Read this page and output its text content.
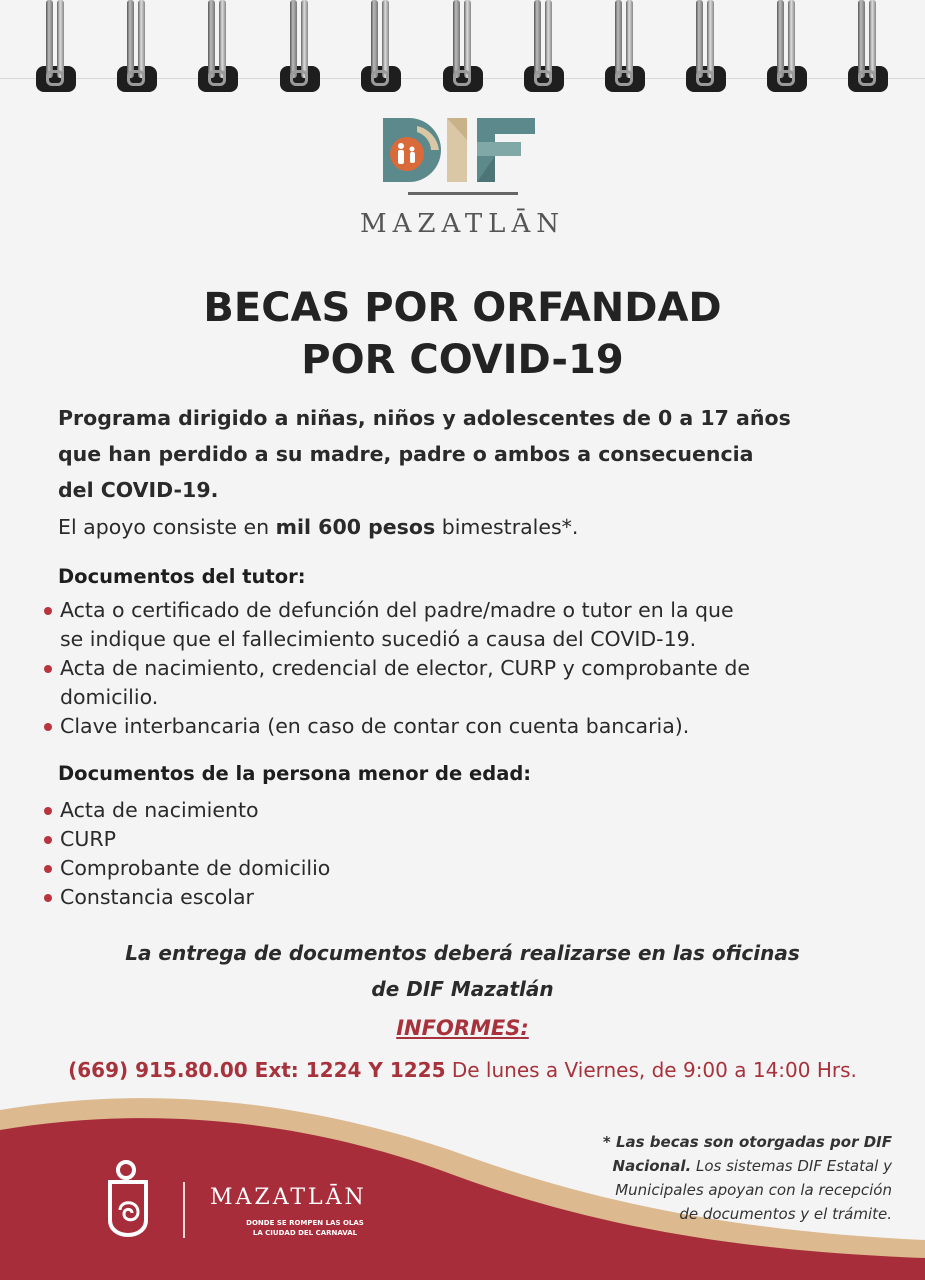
MAZATLĀN
BECAS POR ORFANDAD
POR COVID-19
Programa dirigido a niñas, niños y adolescentes de 0 a 17 años
que han perdido a su madre, padre o ambos a consecuencia
del COVID-19.
El apoyo consiste en mil 600 pesos bimestrales*.
Documentos del tutor:
Acta o certificado de defunción del padre/madre o tutor en la que
se indique que el fallecimiento sucedió a causa del COVID-19.
Acta de nacimiento, credencial de elector, CURP y comprobante de
domicilio.
Clave interbancaria (en caso de contar con cuenta bancaria).
Documentos de la persona menor de edad:
Acta de nacimiento
CURP
Comprobante de domicilio
Constancia escolar
La entrega de documentos deberá realizarse en las oficinas
de DIF Mazatlán
INFORMES:
(669) 915.80.00 Ext: 1224 Y 1225 De lunes a Viernes, de 9:00 a 14:00 Hrs.
MAZATLĀN
DONDE SE ROMPEN LAS OLAS
LA CIUDAD DEL CARNAVAL
* Las becas son otorgadas por DIF
Nacional. Los sistemas DIF Estatal y
Municipales apoyan con la recepción
de documentos y el trámite.
